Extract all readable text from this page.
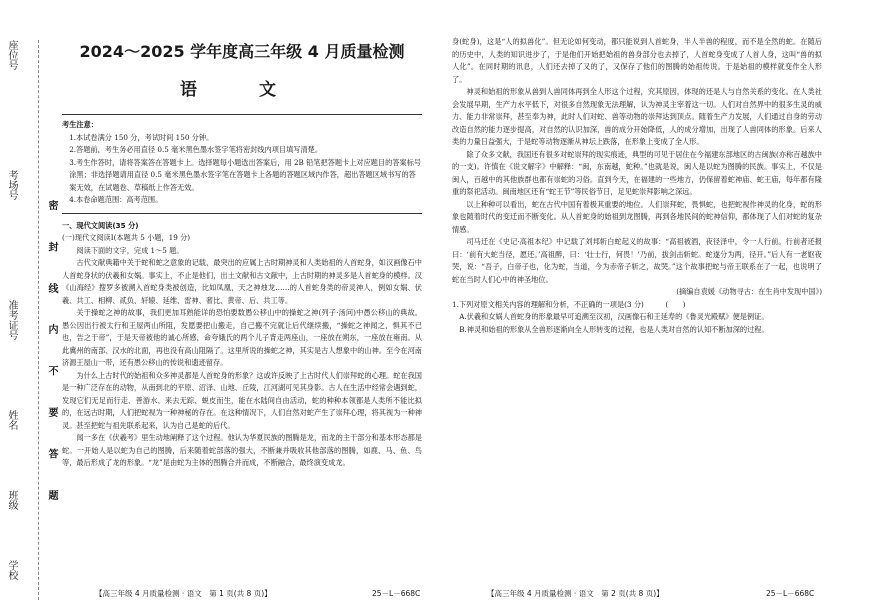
座位号
考场号
准考证号
姓名
班级
学校
密 封 线 内 不 要 答 题
2024～2025 学年度高三年级 4 月质量检测
语 文
考生注意：
1.本试卷满分 150 分，考试时间 150 分钟。
2.答题前，考生务必用直径 0.5 毫米黑色墨水签字笔将密封线内项目填写清楚。
3.考生作答时，请将答案答在答题卡上。选择题每小题选出答案后，用 2B 铅笔把答题卡上对应题目的答案标号涂黑；非选择题请用直径 0.5 毫米黑色墨水签字笔在答题卡上各题的答题区域内作答，超出答题区域书写的答案无效，在试题卷、草稿纸上作答无效。
4.本卷命题范围：高考范围。
一、现代文阅读(35 分)
(一)现代文阅读Ⅰ(本题共 5 小题，19 分)

阅读下面的文字，完成 1～5 题。

古代文献典籍中关于蛇和蛇之意象的记载，最突出的应属上古时期神灵和人类始祖的人首蛇身，如汉画像石中人首蛇身状的伏羲和女娲。事实上，不止是他们，出土文献和古文献中，上古时期的神灵多是人首蛇身的模样。汉《山海经》搜罗多被溯入首蛇身类被创造，比如凤凰，天之神烛龙……的人首蛇身类的帝灵神人，例如女娲、伏羲、共工、相柳、贰负、轩辕、延维、雷神、奢比、黄帝、后、共工等。

关于操蛇之神的故事，我们更加耳熟能详的恐怕要数愚公移山中的操蛇之神(列子·汤问)中愚公移山的典故。愚公因出行被太行和王屋两山所阻，发愿要把山搬走，自己搬不完就让后代继续搬，“操蛇之神闻之，惧其不已也，告之于帝”，于是天帝被他的诚心所感，命夸娥氏的两个儿子背走两座山，一座放在朔东，一座放在雍南。从此冀州的南部、汉水的北面，再也没有高山阻隔了。这里所说的操蛇之神，其实是古人想象中的山神。至今在河南济源王屋山一带，还有愚公移山的传说和遗迹留存。

为什么上古时代的始祖和众多神灵都是人首蛇身的形象？这或许反映了上古时代人们崇拜蛇的心理。蛇在我国是一种广泛存在的动物，从南到北的平原、沼泽、山地、丘陵，江河湖可见其身影。古人在生活中经常会遇到蛇，发现它们无足而行走、善游水、来去无踪、蜕皮而生，能在水陆间自由活动，蛇的种种本领都是人类所不能比拟的，在远古时期，人们把蛇视为一种神秘的存在。在这种情况下，人们自然对蛇产生了崇拜心理，将其视为一种神灵。甚至把蛇与祖先联系起来，认为自己是蛇的后代。

闻一多在《伏羲考》里生动地阐释了这个过程。他认为华夏民族的图腾是龙，而龙的主干部分和基本形态都是蛇。一开始人是以蛇为自己的图腾，后来随着蛇部落的强大，不断兼并吸收其他部落的图腾，如鹿、马、鱼、鸟等，最后形成了龙的形象。“龙”是由蛇为主体的图腾合并而成，不断融合，最终演变成龙。

【高三年级 4 月质量检测 · 语文　第 1 页(共 8 页)】	25－L－668C

身(蛇身)，这是“人的拟兽化”。但无论如何变动，都只能说到人首蛇身，半人半兽的程度，而不是全然的蛇。在随后的历史中，人类的知识进步了，于是他们开始把始祖的兽身部分也去掉了，人首蛇身变成了人首人身，这叫“兽的拟人化”。在同时期的讯息，人们还去掉了又的了，又保存了他们的图腾的始祖传说。于是始祖的模样就变作全人形了。

神灵和始祖的形象从兽到人兽同体再到全人形这个过程，究其原因，体现的还是人与自然关系的变化。在人类社会发展早期，生产力水平低下，对很多自然现象无法理解，认为神灵主宰着这一切。人们对自然界中的很多生灵的威力、能力非常崇拜，甚至奉为神，此时人们对蛇、兽等动物的崇拜达到顶点。随着生产力发展，人们通过自身的劳动改造自然的能力逐步提高，对自然的认识加深，兽的成分开始降低，人的成分增加，出现了人兽同体的形象。后来人类的力量日益强大，于是蛇等动物逐渐从神坛上跌落，在形象上变成了全人形。

除了众多文献，我国还有很多对蛇崇拜的现实痕迹，典型的可见于居住在今福建东部地区的古闽族(亦称百越族中的一支)。许慎在《说文解字》中解释：“闽，东南越，蛇种。”也就是说，闽人是以蛇为图腾的民族。事实上，不仅是闽人，百越中的其他族群也都有崇蛇的习俗。直到今天，在福建的一些地方，仍保留着蛇神庙、蛇王庙，每年都有隆重的祭祀活动。闽南地区还有“蛇王节”等民俗节日，足见蛇崇拜影响之深远。

以上种种可以看出，蛇在古代中国有着极其重要的地位。人们崇拜蛇，畏惧蛇，也把蛇视作神灵的化身，蛇的形象也随着时代的变迁而不断变化。从人首蛇身的始祖到龙图腾，再到各地民间的蛇神信仰，都体现了人们对蛇的复杂情感。

司马迁在《史记·高祖本纪》中记载了刘邦斩白蛇起义的故事：“高祖被酒，夜径泽中，令一人行前。行前者还报曰：‘前有大蛇当径，愿还。’高祖醉，曰：‘壮士行，何畏！’乃前，拔剑击斩蛇。蛇遂分为两，径开。”后人有一老妪夜哭，说：“吾子，白帝子也，化为蛇，当道，今为赤帝子斩之，故哭。”这个故事把蛇与帝王联系在了一起，也说明了蛇在当时人们心中的神圣地位。

(摘编自袁媛《动物寻古：在生肖中发现中国》)
1.下列对原文相关内容的理解和分析，不正确的一项是(3 分)　　　(　　)
A.伏羲和女娲人首蛇身的形象最早可追溯至汉初，汉画像石和王延寿的《鲁灵光殿赋》便是例证。
B.神灵和始祖的形象从全兽形逐渐向全人形转变的过程，也是人类对自然的认知不断加深的过程。
【高三年级 4 月质量检测 · 语文　第 2 页(共 8 页)】	25－L－668C
